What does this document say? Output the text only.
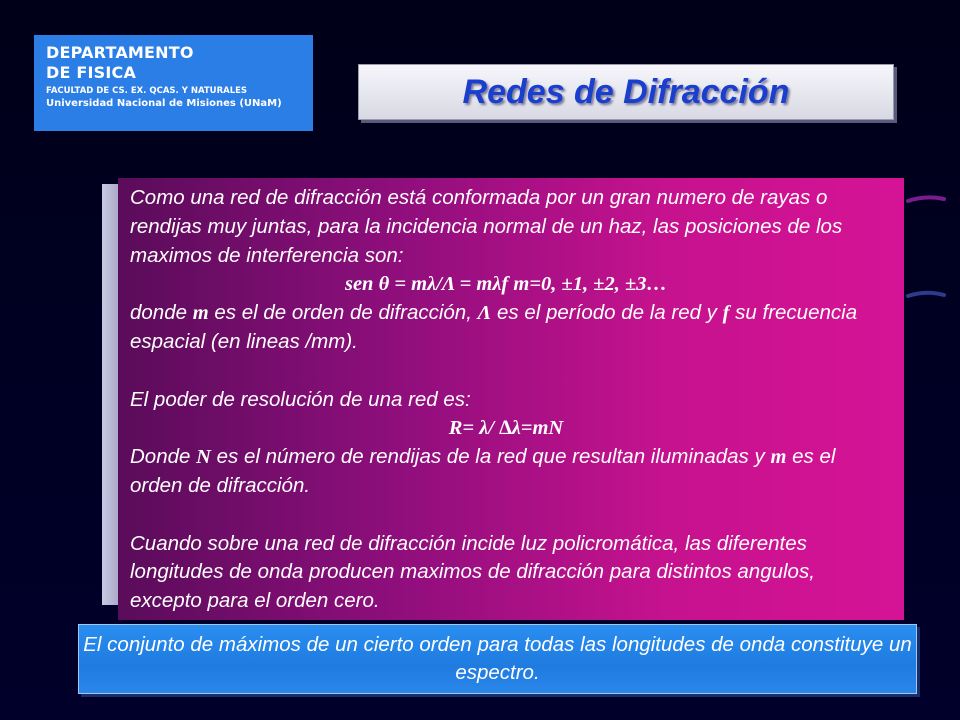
DEPARTAMENTO
DE FISICA
FACULTAD DE CS. EX. QCAS. Y NATURALES
Universidad Nacional de Misiones (UNaM)	Redes de Difracción

Como una red de difracción está conformada por un gran numero de rayas o rendijas muy juntas, para la incidencia normal de un haz, las posiciones de los maximos de interferencia son:

sen θ = mλ/Λ = mλf m=0, ±1, ±2, ±3…

donde m es el de orden de difracción, Λ es el período de la red y f su frecuencia espacial (en lineas /mm).

El poder de resolución de una red es:

R= λ/ ∆λ=mN

Donde N es el número de rendijas de la red que resultan iluminadas y m es el orden de difracción.

Cuando sobre una red de difracción incide luz policromática, las diferentes longitudes de onda producen maximos de difracción para distintos angulos, excepto para el orden cero.

El conjunto de máximos de un cierto orden para todas las longitudes de onda constituye un espectro.
